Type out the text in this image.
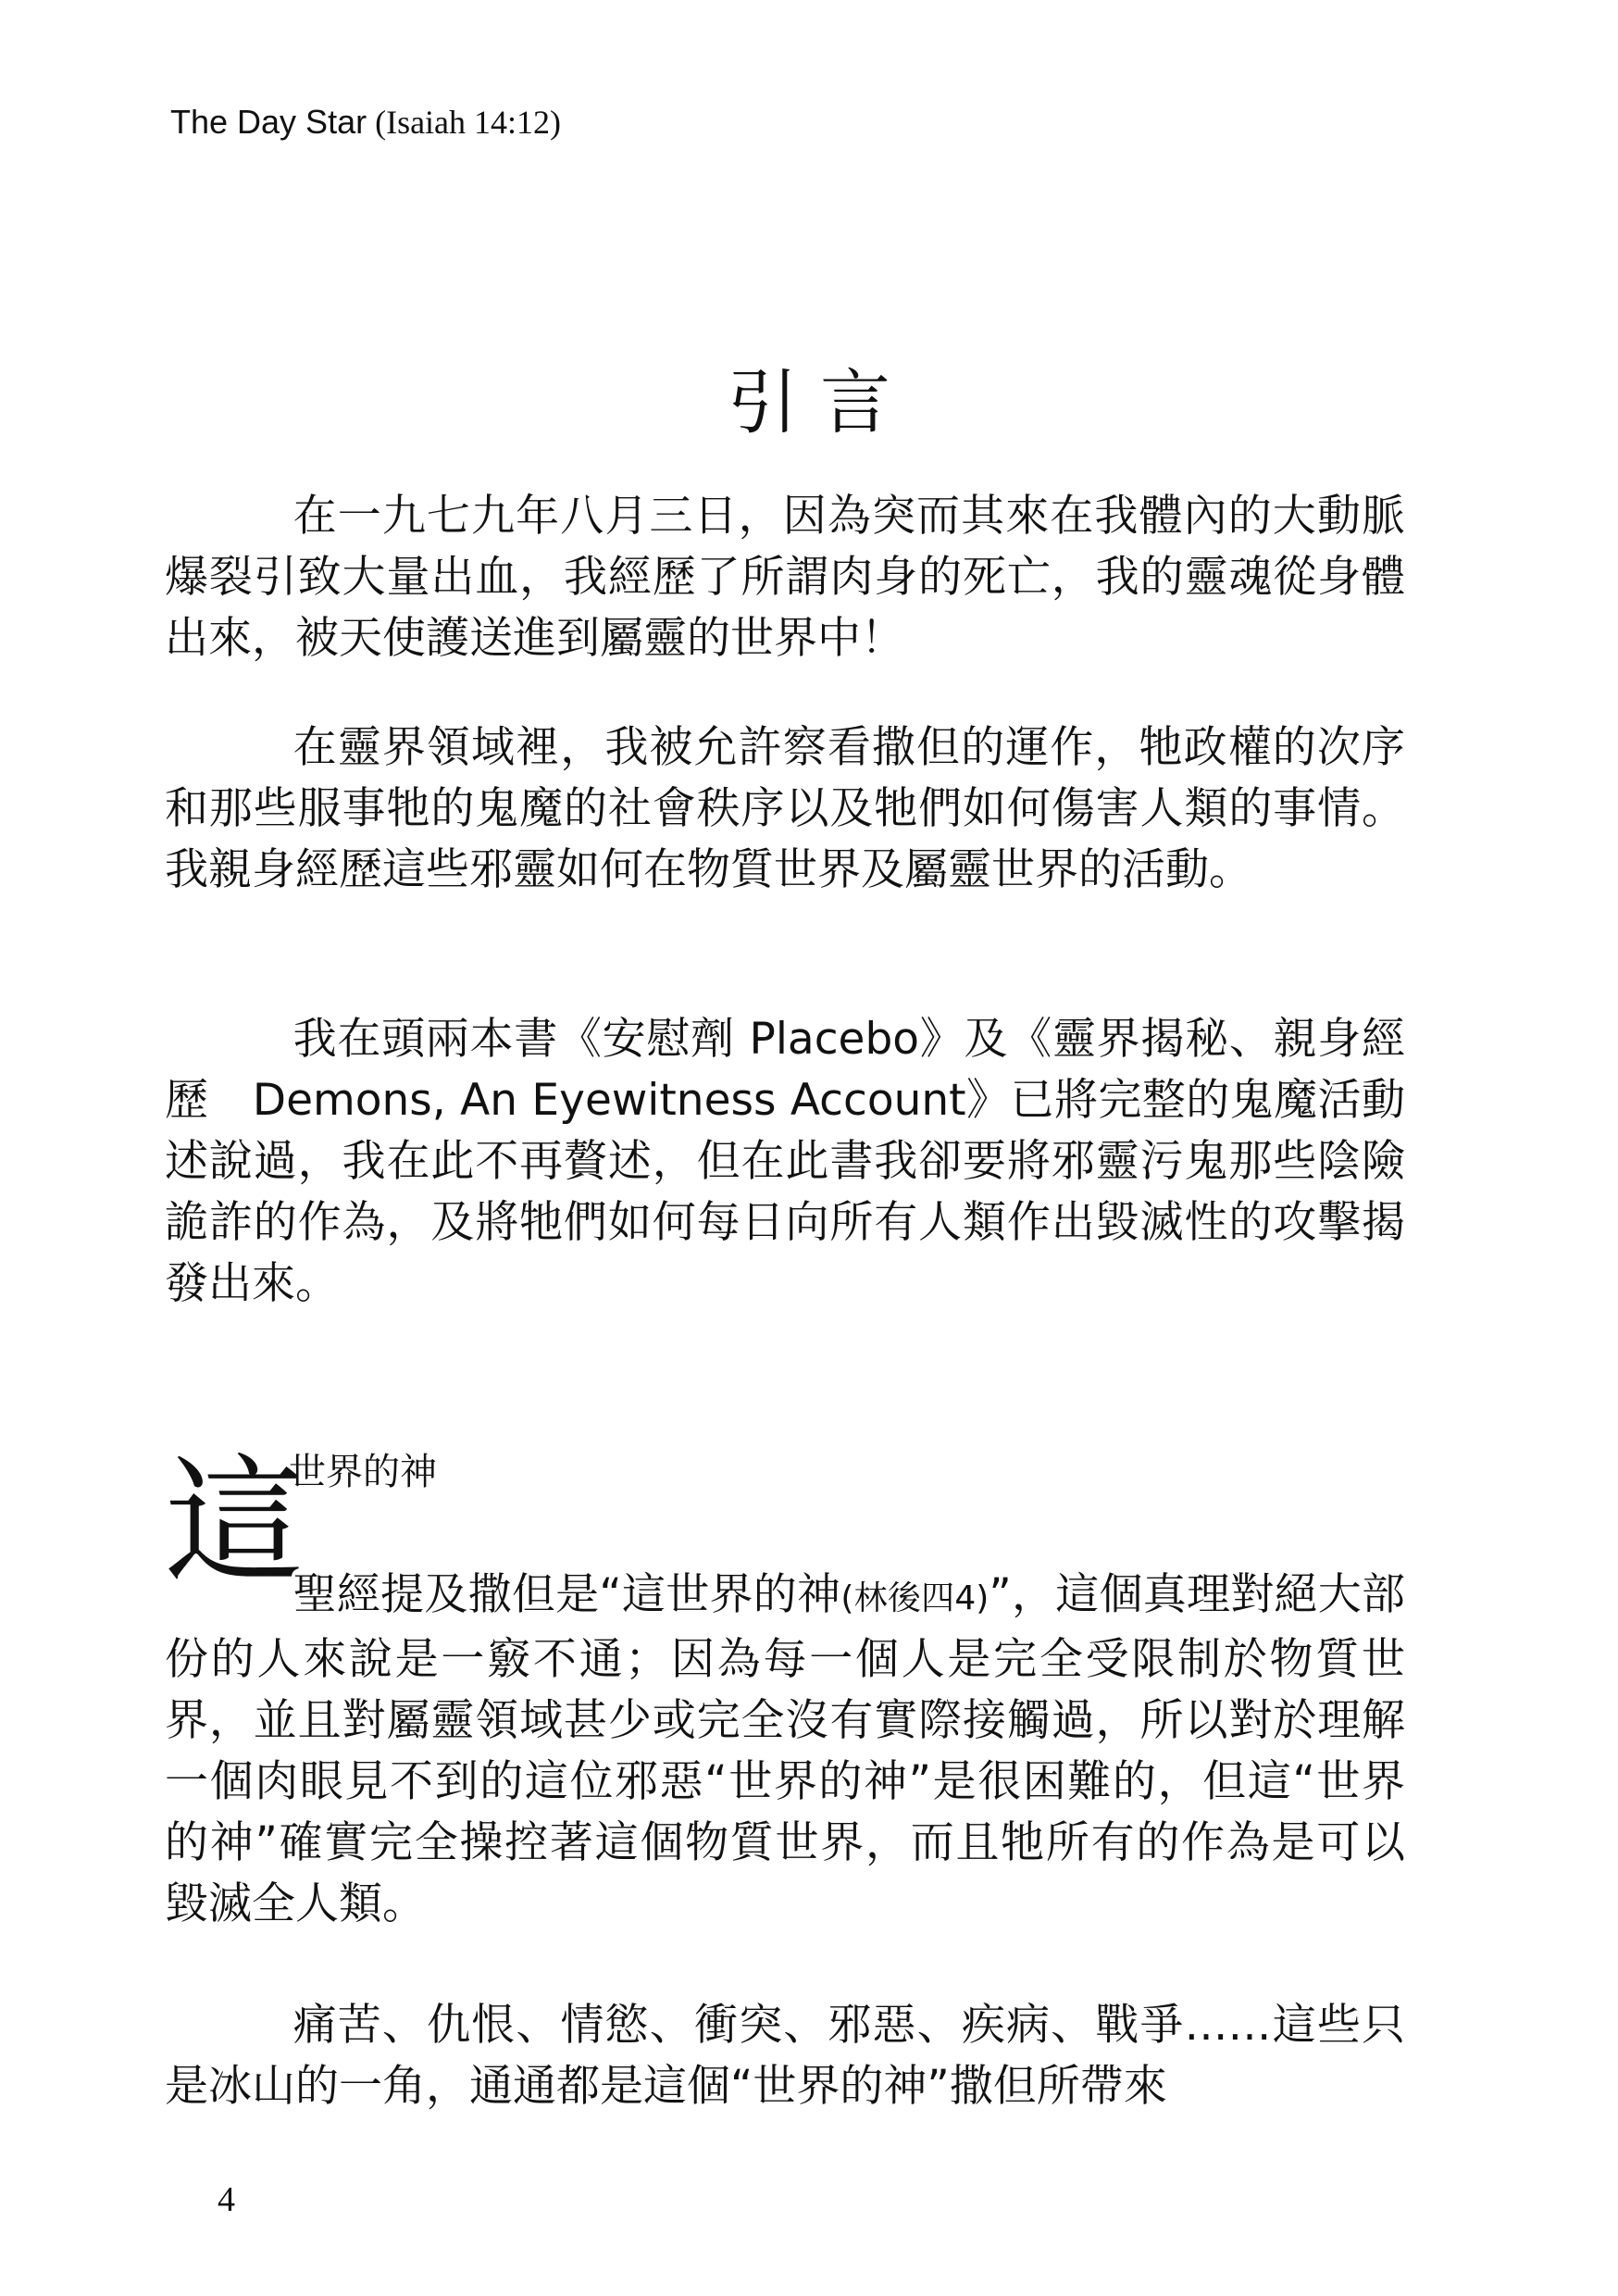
The Day Star (Isaiah 14:12)
引言

在一九七九年八月三日，因為突而其來在我體內的大動脈爆裂引致大量出血，我經歷了所謂肉身的死亡，我的靈魂從身體出來，被天使護送進到屬靈的世界中！

在靈界領域裡，我被允許察看撒但的運作，牠政權的次序和那些服事牠的鬼魔的社會秩序以及牠們如何傷害人類的事情。我親身經歷這些邪靈如何在物質世界及屬靈世界的活動。

我在頭兩本書《安慰劑 Placebo》及《靈界揭秘、親身經歷　Demons, An Eyewitness Account》已將完整的鬼魔活動述說過，我在此不再贅述，但在此書我卻要將邪靈污鬼那些陰險詭詐的作為，及將牠們如何每日向所有人類作出毀滅性的攻擊揭發出來。

這
世界的神

聖經提及撒但是“這世界的神(林後四4)”，這個真理對絕大部份的人來說是一竅不通；因為每一個人是完全受限制於物質世界，並且對屬靈領域甚少或完全沒有實際接觸過，所以對於理解一個肉眼見不到的這位邪惡“世界的神”是很困難的，但這“世界的神”確實完全操控著這個物質世界，而且牠所有的作為是可以毀滅全人類。

痛苦、仇恨、情慾、衝突、邪惡、疾病、戰爭……這些只是冰山的一角，通通都是這個“世界的神”撒但所帶來

4
